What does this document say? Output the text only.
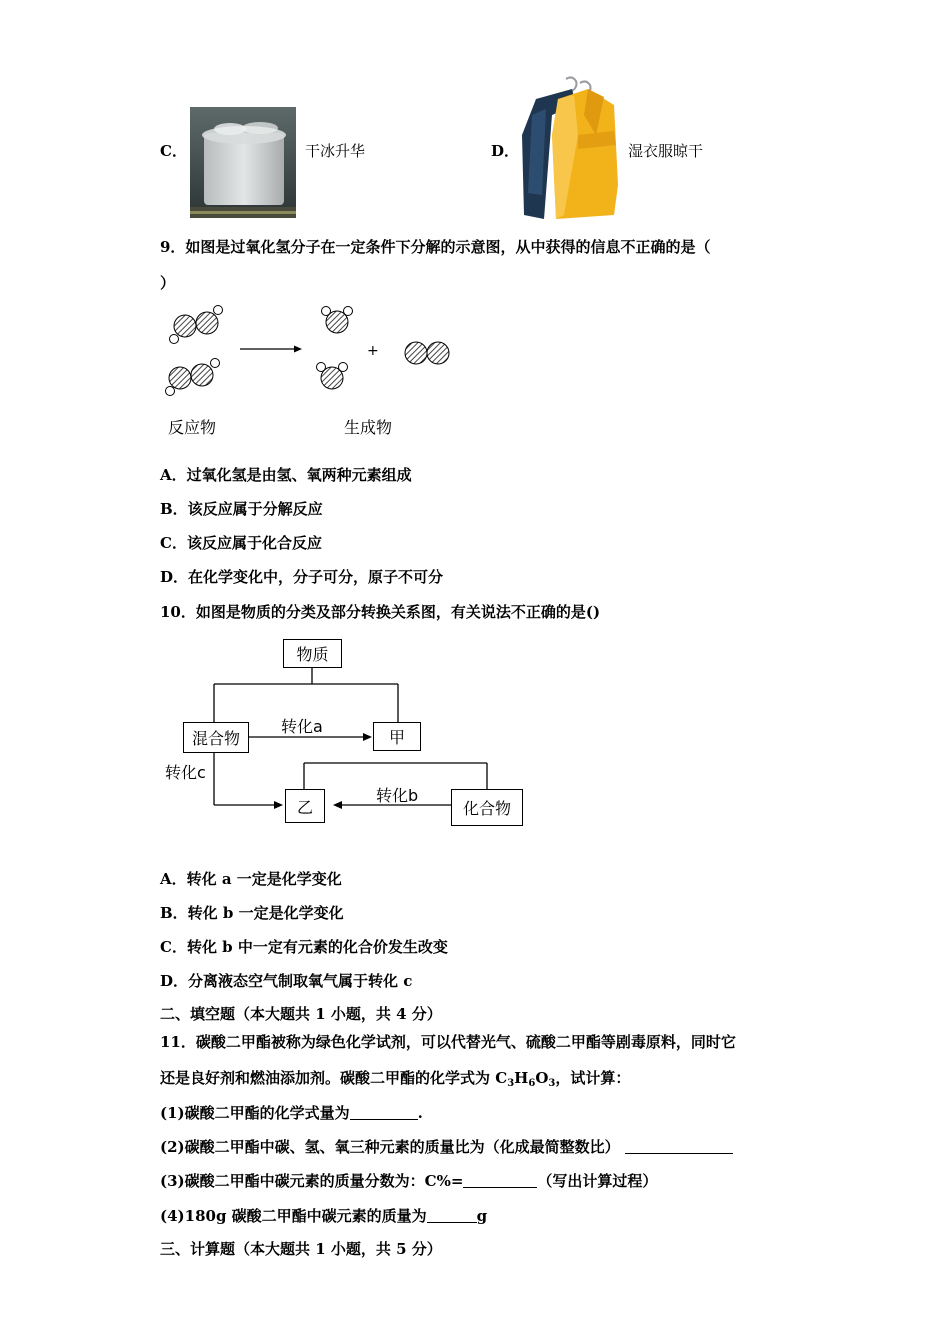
C．	干冰升华	D．	湿衣服晾干
9．如图是过氧化氢分子在一定条件下分解的示意图，从中获得的信息不正确的是（
）
+
反应物	生成物
A．过氧化氢是由氢、氧两种元素组成
B．该反应属于分解反应
C．该反应属于化合反应
D．在化学变化中，分子可分，原子不可分
10．如图是物质的分类及部分转换关系图，有关说法不正确的是()
物质
混合物	甲
乙	化合物
转化a
转化c
转化b
A．转化 a 一定是化学变化
B．转化 b 一定是化学变化
C．转化 b 中一定有元素的化合价发生改变
D．分离液态空气制取氧气属于转化 c
二、填空题（本大题共 1 小题，共 4 分）
11．碳酸二甲酯被称为绿色化学试剂，可以代替光气、硫酸二甲酯等剧毒原料，同时它
还是良好剂和燃油添加剂。碳酸二甲酯的化学式为 $C_3H_6O_3$，试计算：
(1)碳酸二甲酯的化学式量为	.
(2)碳酸二甲酯中碳、氢、氧三种元素的质量比为（化成最简整数比）
(3)碳酸二甲酯中碳元素的质量分数为：C%=	（写出计算过程）
(4)180g 碳酸二甲酯中碳元素的质量为	g
三、计算题（本大题共 1 小题，共 5 分）
